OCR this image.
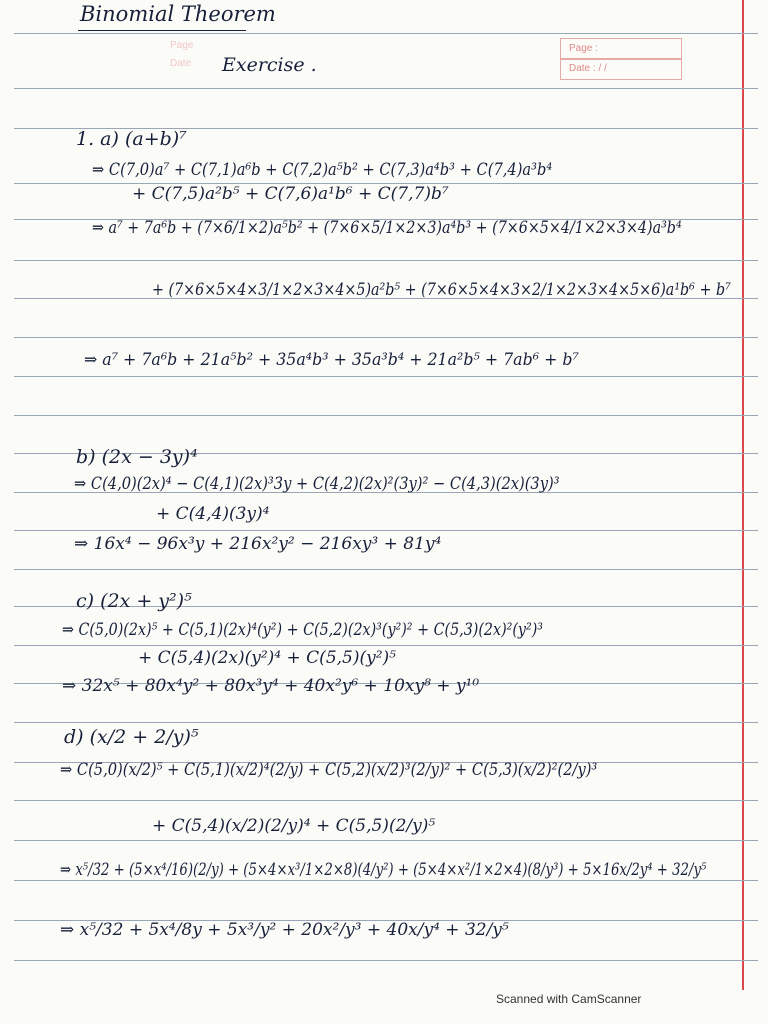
Page
Date
Binomial Theorem
Exercise .
Page :
Date : / /
1. a) (a+b)⁷
⇒ C(7,0)a⁷ + C(7,1)a⁶b + C(7,2)a⁵b² + C(7,3)a⁴b³ + C(7,4)a³b⁴
+ C(7,5)a²b⁵ + C(7,6)a¹b⁶ + C(7,7)b⁷
⇒ a⁷ + 7a⁶b + (7×6/1×2)a⁵b² + (7×6×5/1×2×3)a⁴b³ + (7×6×5×4/1×2×3×4)a³b⁴
+ (7×6×5×4×3/1×2×3×4×5)a²b⁵ + (7×6×5×4×3×2/1×2×3×4×5×6)a¹b⁶ + b⁷
⇒ a⁷ + 7a⁶b + 21a⁵b² + 35a⁴b³ + 35a³b⁴ + 21a²b⁵ + 7ab⁶ + b⁷
b) (2x − 3y)⁴
⇒ C(4,0)(2x)⁴ − C(4,1)(2x)³3y + C(4,2)(2x)²(3y)² − C(4,3)(2x)(3y)³
+ C(4,4)(3y)⁴
⇒ 16x⁴ − 96x³y + 216x²y² − 216xy³ + 81y⁴
c) (2x + y²)⁵
⇒ C(5,0)(2x)⁵ + C(5,1)(2x)⁴(y²) + C(5,2)(2x)³(y²)² + C(5,3)(2x)²(y²)³
+ C(5,4)(2x)(y²)⁴ + C(5,5)(y²)⁵
⇒ 32x⁵ + 80x⁴y² + 80x³y⁴ + 40x²y⁶ + 10xy⁸ + y¹⁰
d) (x/2 + 2/y)⁵
⇒ C(5,0)(x/2)⁵ + C(5,1)(x/2)⁴(2/y) + C(5,2)(x/2)³(2/y)² + C(5,3)(x/2)²(2/y)³
+ C(5,4)(x/2)(2/y)⁴ + C(5,5)(2/y)⁵
⇒ x⁵/32 + (5×x⁴/16)(2/y) + (5×4×x³/1×2×8)(4/y²) + (5×4×x²/1×2×4)(8/y³) + 5×16x/2y⁴ + 32/y⁵
⇒ x⁵/32 + 5x⁴/8y + 5x³/y² + 20x²/y³ + 40x/y⁴ + 32/y⁵
Scanned with CamScanner
